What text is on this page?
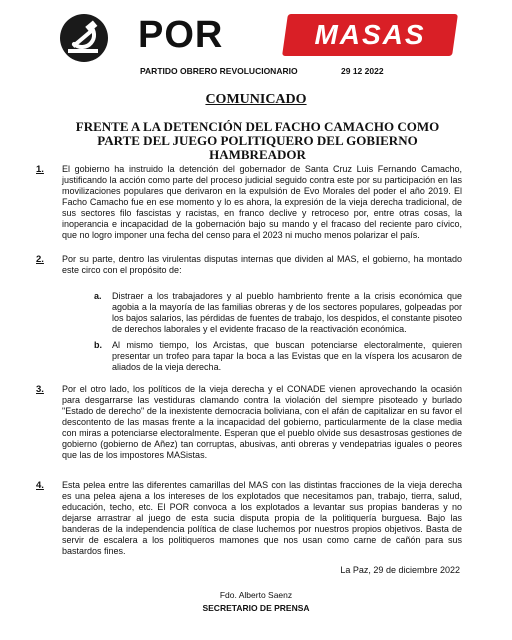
POR	MASAS
PARTIDO OBRERO REVOLUCIONARIO	29 12 2022
COMUNICADO
FRENTE A LA DETENCIÓN DEL FACHO CAMACHO COMO PARTE DEL JUEGO POLITIQUERO DEL GOBIERNO HAMBREADOR
1. El gobierno ha instruido la detención del gobernador de Santa Cruz Luis Fernando Camacho, justificando la acción como parte del proceso judicial seguido contra este por su participación en las movilizaciones populares que derivaron en la expulsión de Evo Morales del poder el año 2019. El Facho Camacho fue en ese momento y lo es ahora, la expresión de la vieja derecha tradicional, de sus sectores filo fascistas y racistas, en franco declive y retroceso por, entre otras cosas, la inoperancia e incapacidad de la gobernación bajo su mando y el fracaso del reciente paro cívico, que no logro imponer una fecha del censo para el 2023 ni mucho menos polarizar el país.
2. Por su parte, dentro las virulentas disputas internas que dividen al MAS, el gobierno, ha montado este circo con el propósito de:
a. Distraer a los trabajadores y al pueblo hambriento frente a la crisis económica que agobia a la mayoría de las familias obreras y de los sectores populares, golpeadas por los bajos salarios, las pérdidas de fuentes de trabajo, los despidos, el constante pisoteo de derechos laborales y el evidente fracaso de la reactivación económica.
b. Al mismo tiempo, los Arcistas, que buscan potenciarse electoralmente, quieren presentar un trofeo para tapar la boca a las Evistas que en la víspera los acusaron de aliados de la vieja derecha.
3. Por el otro lado, los políticos de la vieja derecha y el CONADE vienen aprovechando la ocasión para desgarrarse las vestiduras clamando contra la violación del siempre pisoteado y burlado "Estado de derecho" de la inexistente democracia boliviana, con el afán de capitalizar en su favor el descontento de las masas frente a la incapacidad del gobierno, particularmente de la clase media con miras a potenciarse electoralmente. Esperan que el pueblo olvide sus desastrosas gestiones de gobierno (gobierno de Añez) tan corruptas, abusivas, anti obreras y vendepatrias iguales o peores que las de los impostores MASistas.
4. Esta pelea entre las diferentes camarillas del MAS con las distintas fracciones de la vieja derecha es una pelea ajena a los intereses de los explotados que necesitamos pan, trabajo, tierra, salud, educación, techo, etc. El POR convoca a los explotados a levantar sus propias banderas y no dejarse arrastrar al juego de esta sucia disputa propia de la politiquería burguesa. Bajo las banderas de la independencia política de clase luchemos por nuestros propios objetivos. Basta de servir de escalera a los politiqueros mamones que nos usan como carne de cañón para sus bastardos fines.
La Paz, 29 de diciembre 2022
Fdo. Alberto Saenz
SECRETARIO DE PRENSA
